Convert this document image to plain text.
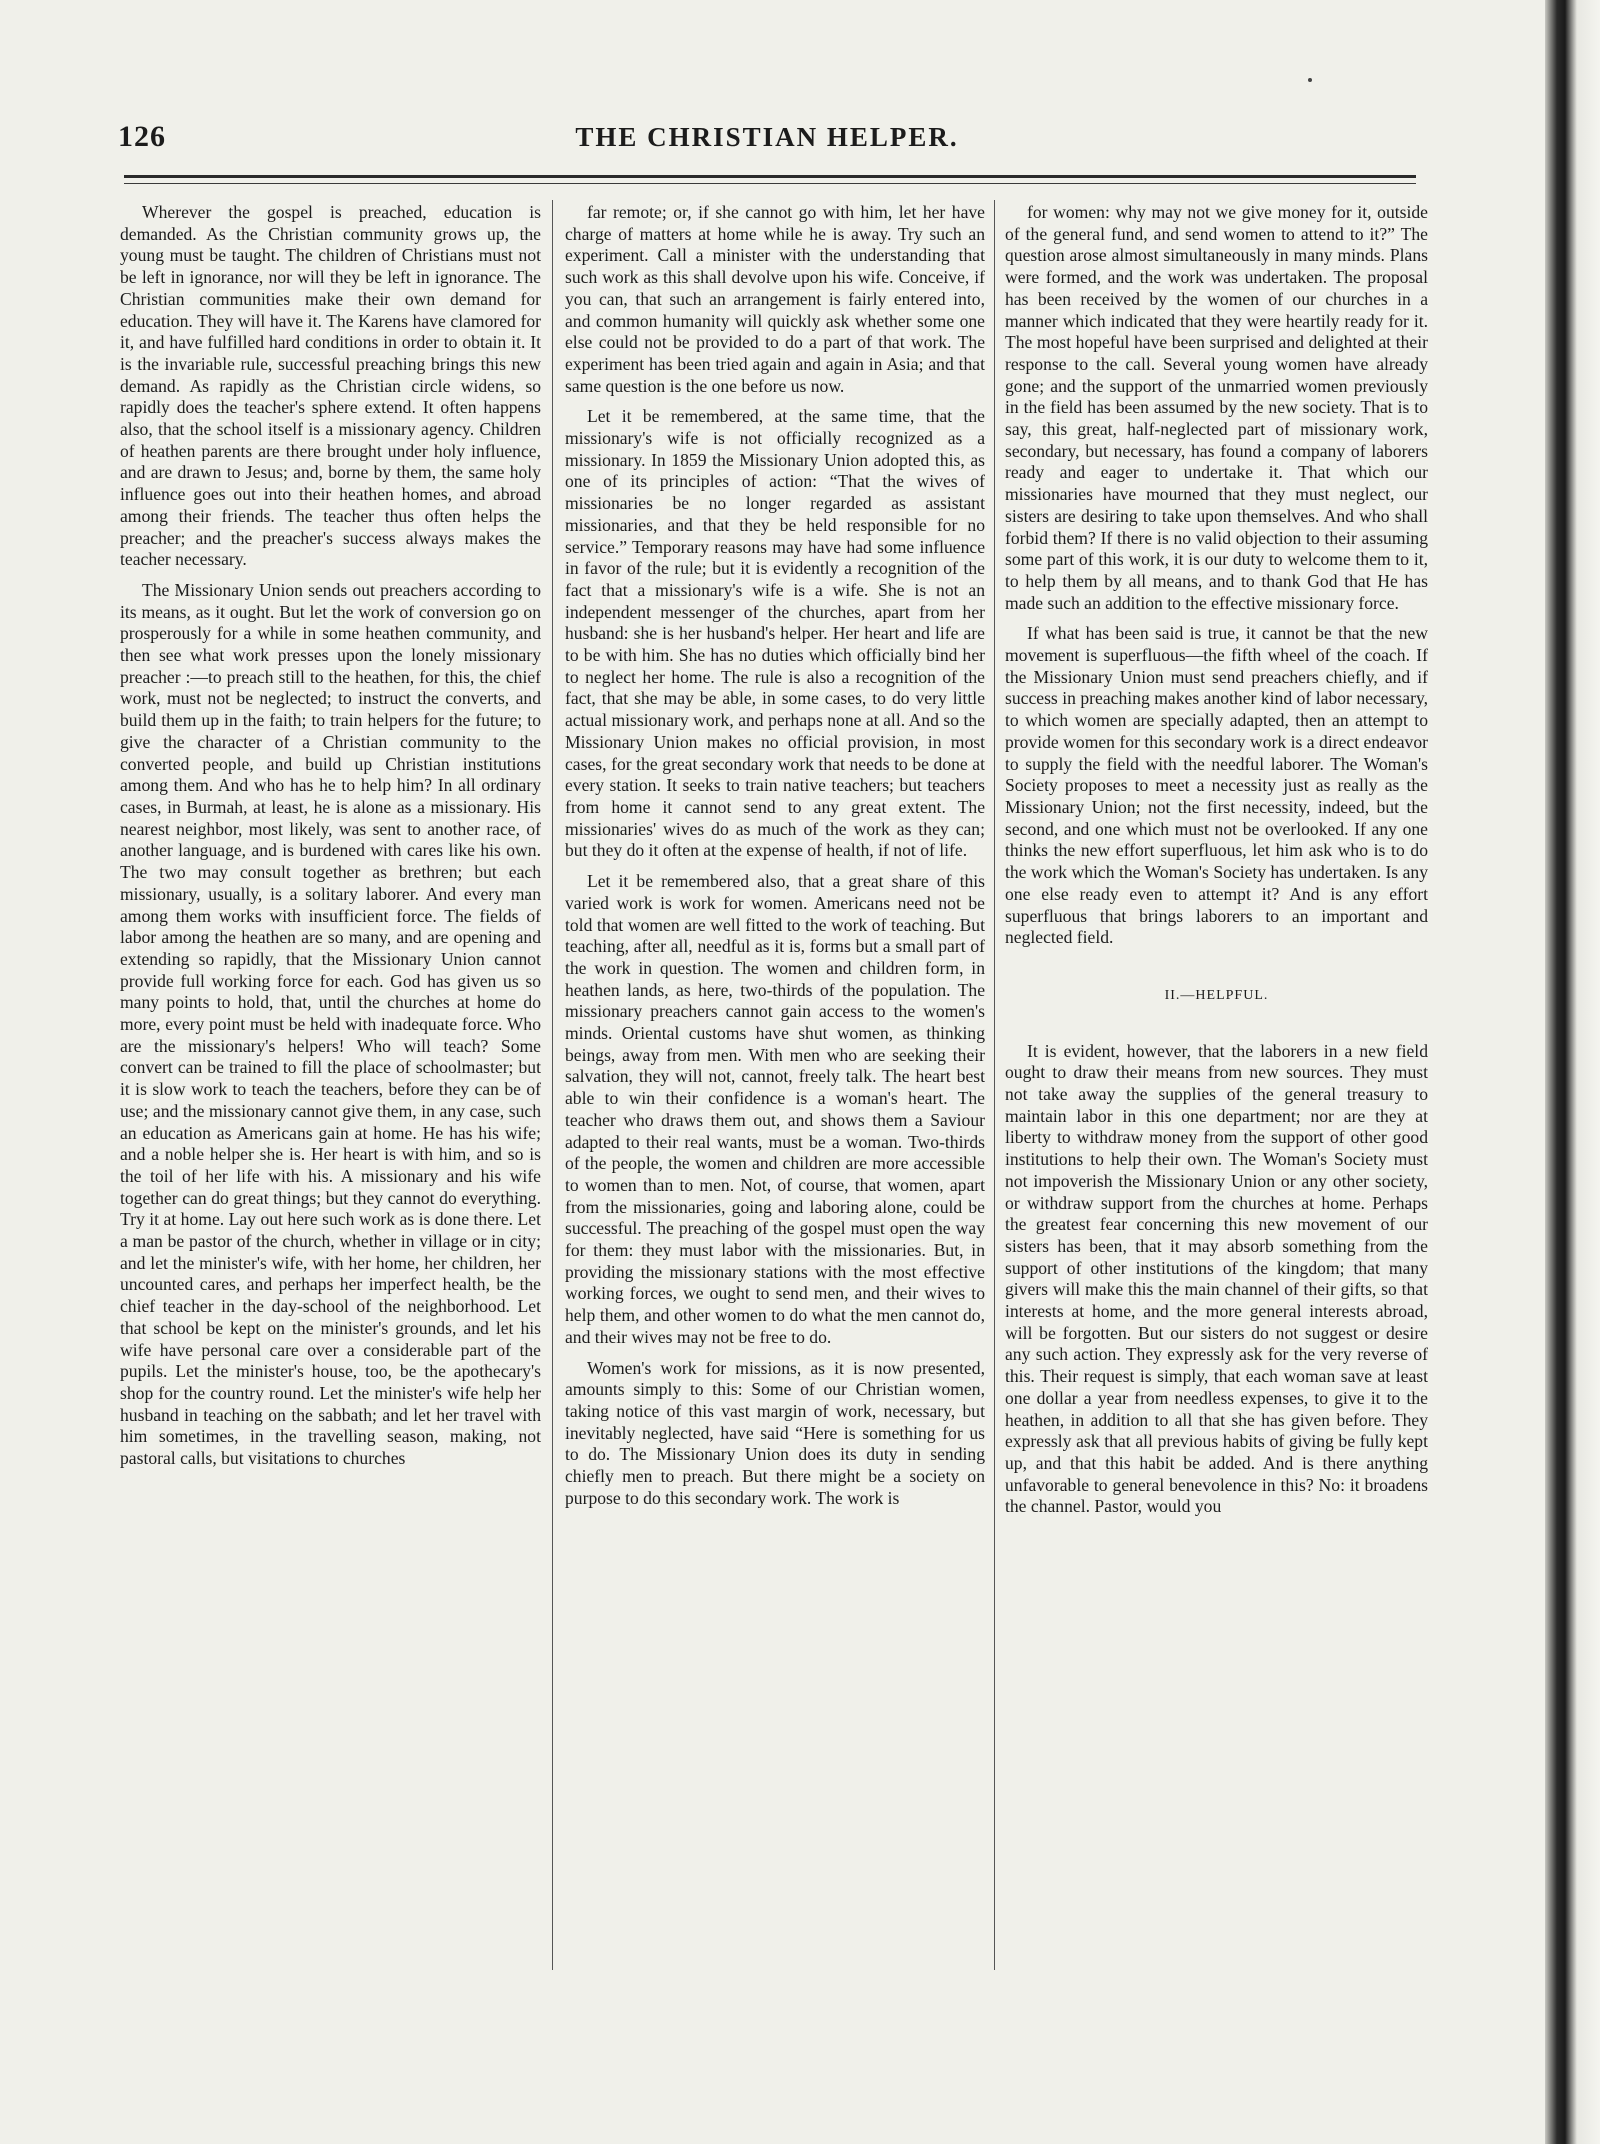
126	THE CHRISTIAN HELPER.

Wherever the gospel is preached, education is demanded. As the Christian community grows up, the young must be taught. The children of Christians must not be left in ignorance, nor will they be left in ignorance. The Christian communities make their own demand for education. They will have it. The Karens have clamored for it, and have fulfilled hard conditions in order to obtain it. It is the invariable rule, successful preaching brings this new demand. As rapidly as the Christian circle widens, so rapidly does the teacher's sphere extend. It often happens also, that the school itself is a missionary agency. Children of heathen parents are there brought under holy influence, and are drawn to Jesus; and, borne by them, the same holy influence goes out into their heathen homes, and abroad among their friends. The teacher thus often helps the preacher; and the preacher's success always makes the teacher necessary.

The Missionary Union sends out preachers according to its means, as it ought. But let the work of conversion go on prosperously for a while in some heathen community, and then see what work presses upon the lonely missionary preacher :—to preach still to the heathen, for this, the chief work, must not be neglected; to instruct the converts, and build them up in the faith; to train helpers for the future; to give the character of a Christian community to the converted people, and build up Christian institutions among them. And who has he to help him? In all ordinary cases, in Burmah, at least, he is alone as a missionary. His nearest neighbor, most likely, was sent to another race, of another language, and is burdened with cares like his own. The two may consult together as brethren; but each missionary, usually, is a solitary laborer. And every man among them works with insufficient force. The fields of labor among the heathen are so many, and are opening and extending so rapidly, that the Missionary Union cannot provide full working force for each. God has given us so many points to hold, that, until the churches at home do more, every point must be held with inadequate force. Who are the missionary's helpers! Who will teach? Some convert can be trained to fill the place of schoolmaster; but it is slow work to teach the teachers, before they can be of use; and the missionary cannot give them, in any case, such an education as Americans gain at home. He has his wife; and a noble helper she is. Her heart is with him, and so is the toil of her life with his. A missionary and his wife together can do great things; but they cannot do everything. Try it at home. Lay out here such work as is done there. Let a man be pastor of the church, whether in village or in city; and let the minister's wife, with her home, her children, her uncounted cares, and perhaps her imperfect health, be the chief teacher in the day-school of the neighborhood. Let that school be kept on the minister's grounds, and let his wife have personal care over a considerable part of the pupils. Let the minister's house, too, be the apothecary's shop for the country round. Let the minister's wife help her husband in teaching on the sabbath; and let her travel with him sometimes, in the travelling season, making, not pastoral calls, but visitations to churches

far remote; or, if she cannot go with him, let her have charge of matters at home while he is away. Try such an experiment. Call a minister with the understanding that such work as this shall devolve upon his wife. Conceive, if you can, that such an arrangement is fairly entered into, and common humanity will quickly ask whether some one else could not be provided to do a part of that work. The experiment has been tried again and again in Asia; and that same question is the one before us now.

Let it be remembered, at the same time, that the missionary's wife is not officially recognized as a missionary. In 1859 the Missionary Union adopted this, as one of its principles of action: “That the wives of missionaries be no longer regarded as assistant missionaries, and that they be held responsible for no service.” Temporary reasons may have had some influence in favor of the rule; but it is evidently a recognition of the fact that a missionary's wife is a wife. She is not an independent messenger of the churches, apart from her husband: she is her husband's helper. Her heart and life are to be with him. She has no duties which officially bind her to neglect her home. The rule is also a recognition of the fact, that she may be able, in some cases, to do very little actual missionary work, and perhaps none at all. And so the Missionary Union makes no official provision, in most cases, for the great secondary work that needs to be done at every station. It seeks to train native teachers; but teachers from home it cannot send to any great extent. The missionaries' wives do as much of the work as they can; but they do it often at the expense of health, if not of life.

Let it be remembered also, that a great share of this varied work is work for women. Americans need not be told that women are well fitted to the work of teaching. But teaching, after all, needful as it is, forms but a small part of the work in question. The women and children form, in heathen lands, as here, two-thirds of the population. The missionary preachers cannot gain access to the women's minds. Oriental customs have shut women, as thinking beings, away from men. With men who are seeking their salvation, they will not, cannot, freely talk. The heart best able to win their confidence is a woman's heart. The teacher who draws them out, and shows them a Saviour adapted to their real wants, must be a woman. Two-thirds of the people, the women and children are more accessible to women than to men. Not, of course, that women, apart from the missionaries, going and laboring alone, could be successful. The preaching of the gospel must open the way for them: they must labor with the missionaries. But, in providing the missionary stations with the most effective working forces, we ought to send men, and their wives to help them, and other women to do what the men cannot do, and their wives may not be free to do.

Women's work for missions, as it is now presented, amounts simply to this: Some of our Christian women, taking notice of this vast margin of work, necessary, but inevitably neglected, have said “Here is something for us to do. The Missionary Union does its duty in sending chiefly men to preach. But there might be a society on purpose to do this secondary work. The work is

for women: why may not we give money for it, outside of the general fund, and send women to attend to it?” The question arose almost simultaneously in many minds. Plans were formed, and the work was undertaken. The proposal has been received by the women of our churches in a manner which indicated that they were heartily ready for it. The most hopeful have been surprised and delighted at their response to the call. Several young women have already gone; and the support of the unmarried women previously in the field has been assumed by the new society. That is to say, this great, half-neglected part of missionary work, secondary, but necessary, has found a company of laborers ready and eager to undertake it. That which our missionaries have mourned that they must neglect, our sisters are desiring to take upon themselves. And who shall forbid them? If there is no valid objection to their assuming some part of this work, it is our duty to welcome them to it, to help them by all means, and to thank God that He has made such an addition to the effective missionary force.

If what has been said is true, it cannot be that the new movement is superfluous—the fifth wheel of the coach. If the Missionary Union must send preachers chiefly, and if success in preaching makes another kind of labor necessary, to which women are specially adapted, then an attempt to provide women for this secondary work is a direct endeavor to supply the field with the needful laborer. The Woman's Society proposes to meet a necessity just as really as the Missionary Union; not the first necessity, indeed, but the second, and one which must not be overlooked. If any one thinks the new effort superfluous, let him ask who is to do the work which the Woman's Society has undertaken. Is any one else ready even to attempt it? And is any effort superfluous that brings laborers to an important and neglected field.

II.—HELPFUL.

It is evident, however, that the laborers in a new field ought to draw their means from new sources. They must not take away the supplies of the general treasury to maintain labor in this one department; nor are they at liberty to withdraw money from the support of other good institutions to help their own. The Woman's Society must not impoverish the Missionary Union or any other society, or withdraw support from the churches at home. Perhaps the greatest fear concerning this new movement of our sisters has been, that it may absorb something from the support of other institutions of the kingdom; that many givers will make this the main channel of their gifts, so that interests at home, and the more general interests abroad, will be forgotten. But our sisters do not suggest or desire any such action. They expressly ask for the very reverse of this. Their request is simply, that each woman save at least one dollar a year from needless expenses, to give it to the heathen, in addition to all that she has given before. They expressly ask that all previous habits of giving be fully kept up, and that this habit be added. And is there anything unfavorable to general benevolence in this? No: it broadens the channel. Pastor, would you
